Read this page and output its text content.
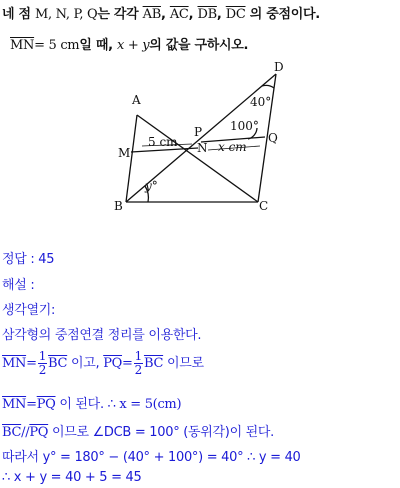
네 점 M, N, P, Q는 각각 $\overline{AB}$, $\overline{AC}$, $\overline{DB}$, $\overline{DC}$ 의 중점이다.
$\overline{MN}= 5$ cm일 때, x + y의 값을 구하시오.
A
B	C
D
M	N
P	Q
5 cm	x cm
40°
100°
y°
정답 : 45
해설 :
생각열기:
삼각형의 중점연결 정리를 이용한다.
$\overline{MN}= \frac{1}{2} \overline{BC}$ 이고, $\overline{PQ}= \frac{1}{2} \overline{BC}$ 이므로
$\overline{MN}=\overline{PQ}$ 이 된다. ∴ x = 5(cm)
$\overline{BC}//\overline{PQ}$ 이므로 ∠DCB = 100° (동위각)이 된다.
따라서 y° = 180° − (40° + 100°) = 40° ∴ y = 40
∴ x + y = 40 + 5 = 45
